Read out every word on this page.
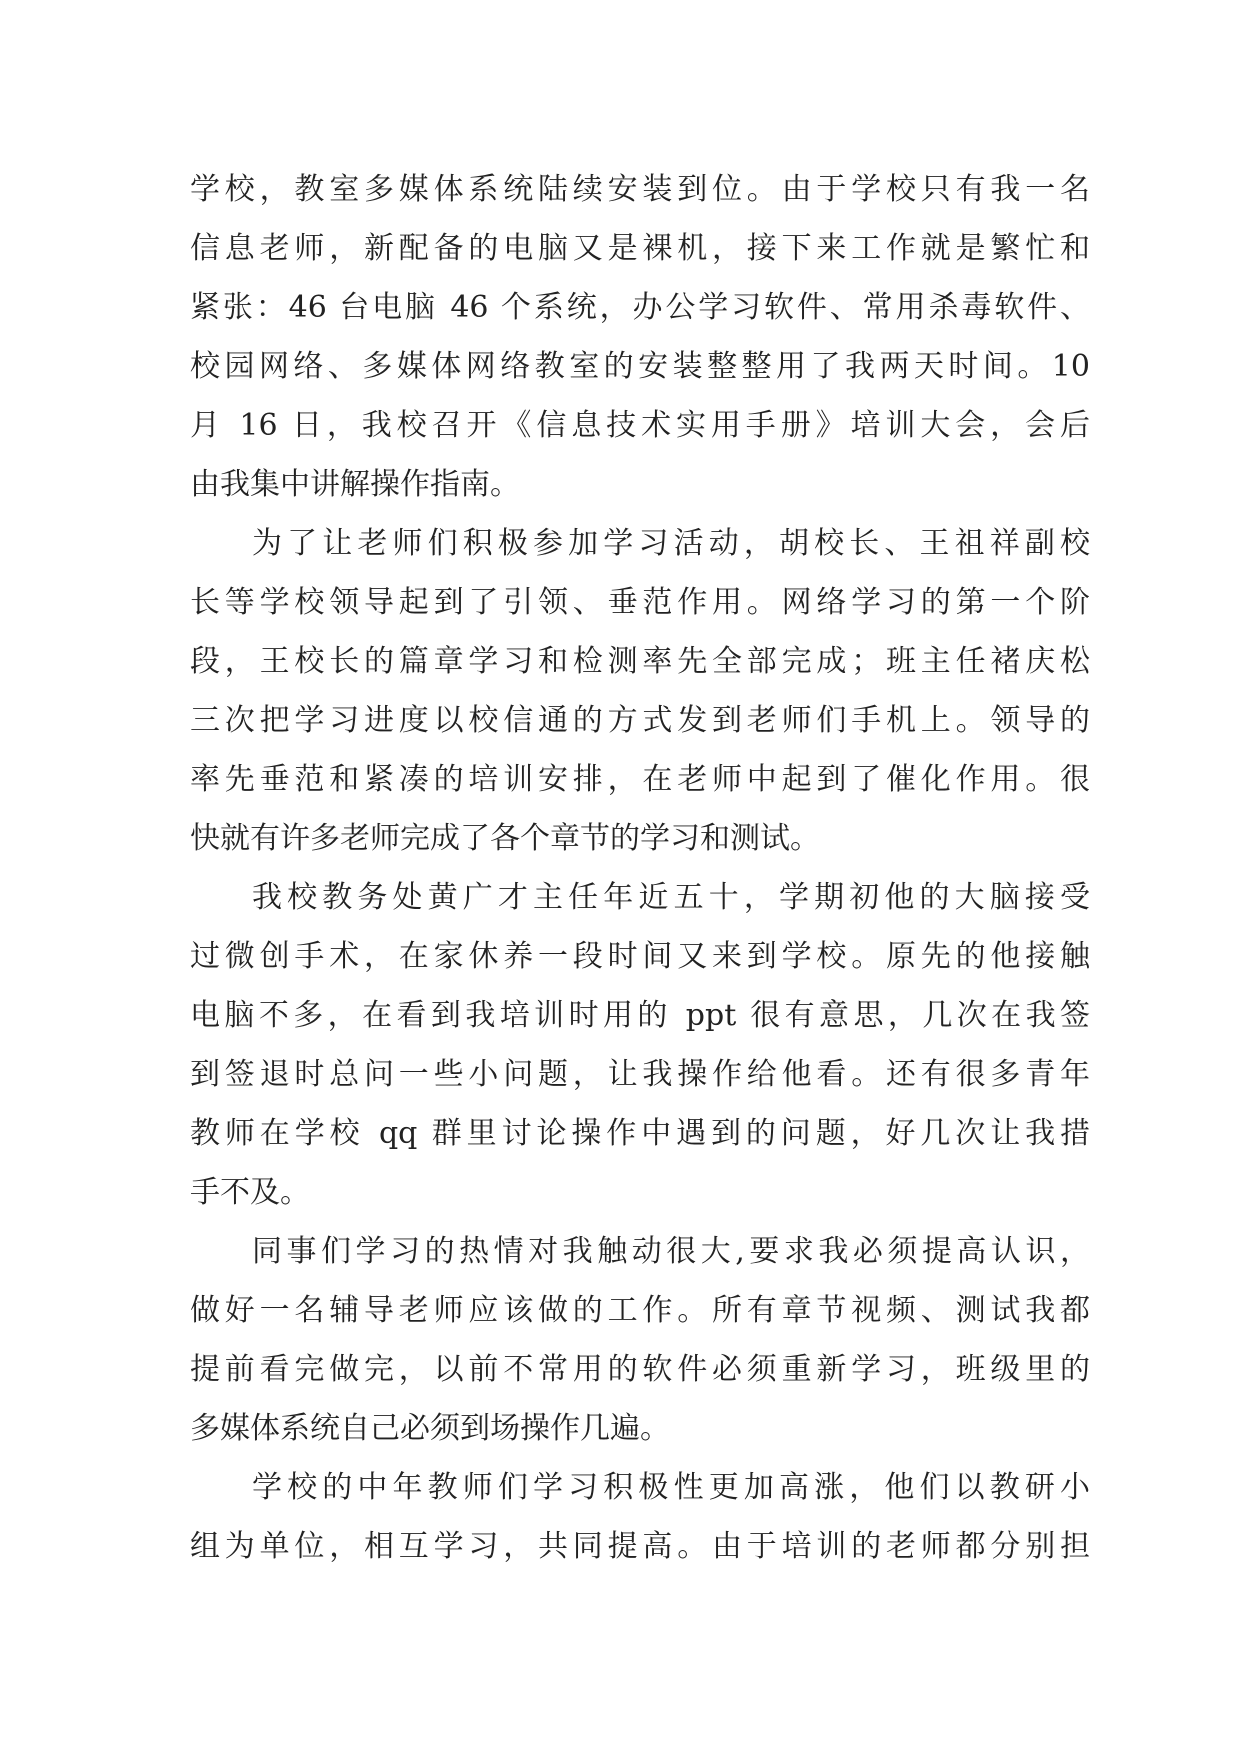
学校，教室多媒体系统陆续安装到位。由于学校只有我一名
信息老师，新配备的电脑又是裸机，接下来工作就是繁忙和
紧张：46 台电脑 46 个系统，办公学习软件、常用杀毒软件、
校园网络、多媒体网络教室的安装整整用了我两天时间。10
月 16 日，我校召开《信息技术实用手册》培训大会，会后
由我集中讲解操作指南。
为了让老师们积极参加学习活动，胡校长、王祖祥副校
长等学校领导起到了引领、垂范作用。网络学习的第一个阶
段，王校长的篇章学习和检测率先全部完成；班主任褚庆松
三次把学习进度以校信通的方式发到老师们手机上。领导的
率先垂范和紧凑的培训安排，在老师中起到了催化作用。很
快就有许多老师完成了各个章节的学习和测试。
我校教务处黄广才主任年近五十，学期初他的大脑接受
过微创手术，在家休养一段时间又来到学校。原先的他接触
电脑不多，在看到我培训时用的 ppt 很有意思，几次在我签
到签退时总问一些小问题，让我操作给他看。还有很多青年
教师在学校 qq 群里讨论操作中遇到的问题，好几次让我措
手不及。
同事们学习的热情对我触动很大,要求我必须提高认识，
做好一名辅导老师应该做的工作。所有章节视频、测试我都
提前看完做完，以前不常用的软件必须重新学习，班级里的
多媒体系统自己必须到场操作几遍。
学校的中年教师们学习积极性更加高涨，他们以教研小
组为单位，相互学习，共同提高。由于培训的老师都分别担
